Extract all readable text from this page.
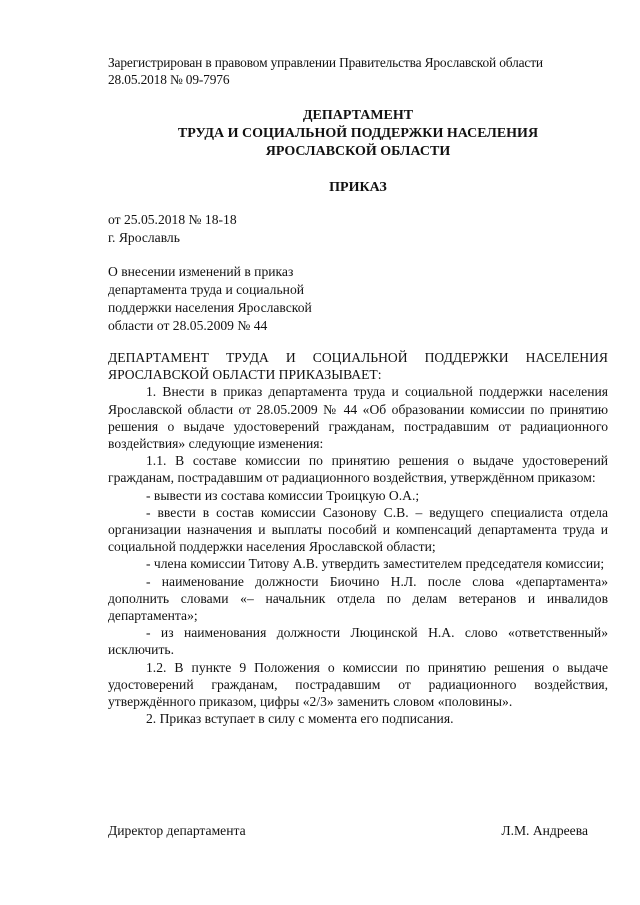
Зарегистрирован в правовом управлении Правительства Ярославской области
28.05.2018 № 09-7976
ДЕПАРТАМЕНТ
ТРУДА И СОЦИАЛЬНОЙ ПОДДЕРЖКИ НАСЕЛЕНИЯ
ЯРОСЛАВСКОЙ ОБЛАСТИ
ПРИКАЗ
от 25.05.2018 № 18-18
г. Ярославль
О внесении изменений в приказ
департамента труда и социальной
поддержки населения Ярославской
области от 28.05.2009 № 44

ДЕПАРТАМЕНТ ТРУДА И СОЦИАЛЬНОЙ ПОДДЕРЖКИ НАСЕЛЕНИЯ ЯРОСЛАВСКОЙ ОБЛАСТИ ПРИКАЗЫВАЕТ:

1. Внести в приказ департамента труда и социальной поддержки населения Ярославской области от 28.05.2009 № 44 «Об образовании комиссии по принятию решения о выдаче удостоверений гражданам, пострадавшим от радиационного воздействия» следующие изменения:

1.1. В составе комиссии по принятию решения о выдаче удостоверений гражданам, пострадавшим от радиационного воздействия, утверждённом приказом:

- вывести из состава комиссии Троицкую О.А.;

- ввести в состав комиссии Сазонову С.В. – ведущего специалиста отдела организации назначения и выплаты пособий и компенсаций департамента труда и социальной поддержки населения Ярославской области;

- члена комиссии Титову А.В. утвердить заместителем председателя комиссии;

- наименование должности Биочино Н.Л. после слова «департамента» дополнить словами «– начальник отдела по делам ветеранов и инвалидов департамента»;

- из наименования должности Люцинской Н.А. слово «ответственный» исключить.

1.2. В пункте 9 Положения о комиссии по принятию решения о выдаче удостоверений гражданам, пострадавшим от радиационного воздействия, утверждённого приказом, цифры «2/3» заменить словом «половины».

2. Приказ вступает в силу с момента его подписания.

Директор департамента	Л.М. Андреева
